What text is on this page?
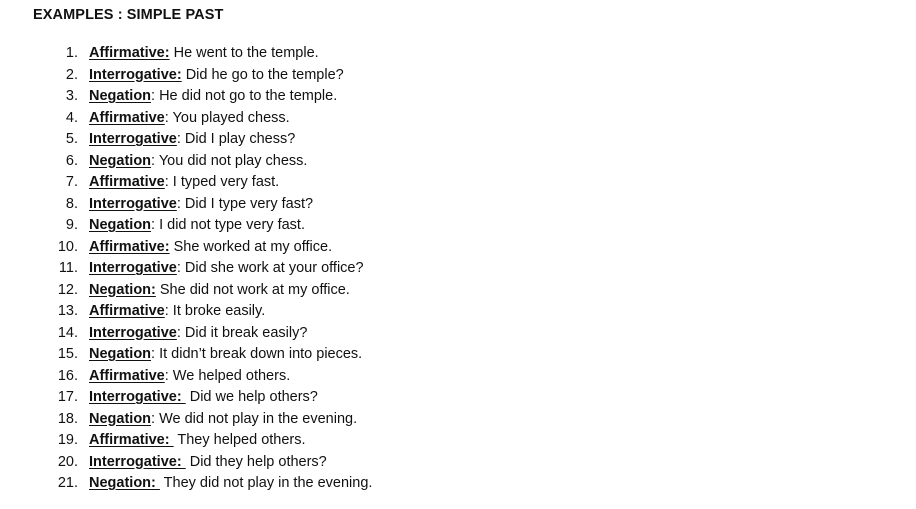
EXAMPLES : SIMPLE PAST
1. Affirmative: He went to the temple.
2. Interrogative: Did he go to the temple?
3. Negation: He did not go to the temple.
4. Affirmative: You played chess.
5. Interrogative: Did I play chess?
6. Negation: You did not play chess.
7. Affirmative: I typed very fast.
8. Interrogative: Did I type very fast?
9. Negation: I did not type very fast.
10. Affirmative: She worked at my office.
11. Interrogative: Did she work at your office?
12. Negation: She did not work at my office.
13. Affirmative: It broke easily.
14. Interrogative: Did it break easily?
15. Negation: It didn’t break down into pieces.
16. Affirmative: We helped others.
17. Interrogative:  Did we help others?
18. Negation: We did not play in the evening.
19. Affirmative:  They helped others.
20. Interrogative:  Did they help others?
21. Negation:  They did not play in the evening.
